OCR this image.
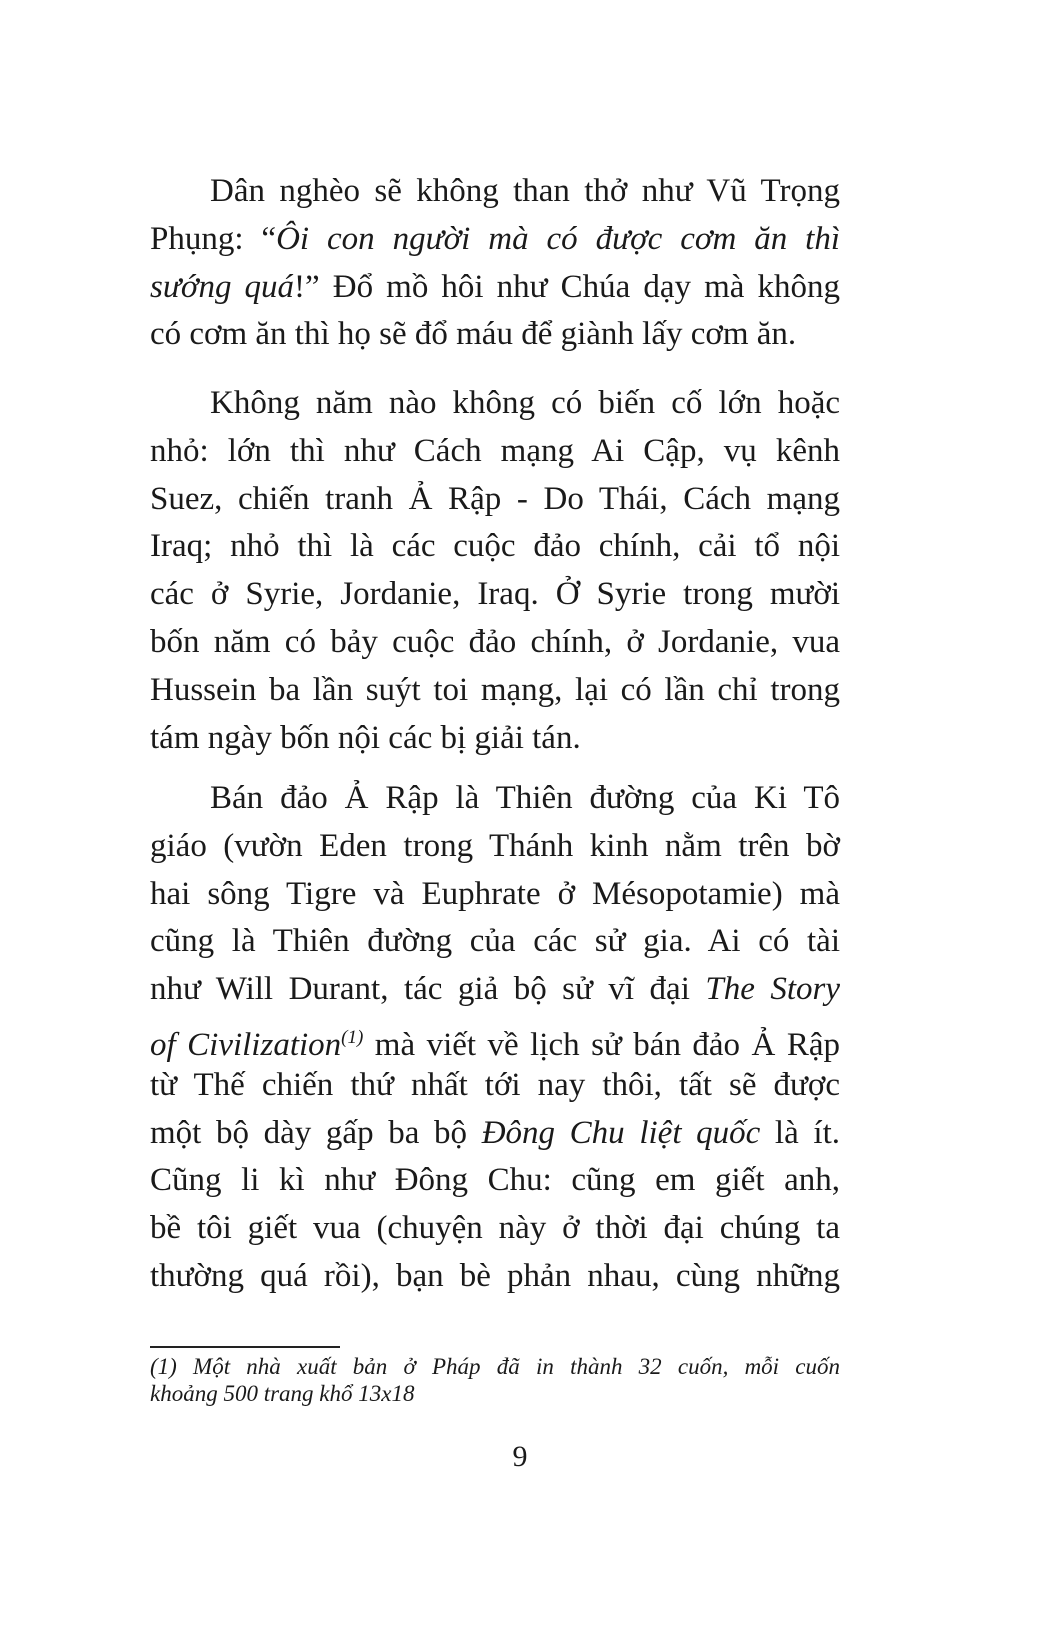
Dân nghèo sẽ không than thở như Vũ Trọng
Phụng: “Ôi con người mà có được cơm ăn thì
sướng quá!” Đổ mồ hôi như Chúa dạy mà không
có cơm ăn thì họ sẽ đổ máu để giành lấy cơm ăn.
Không năm nào không có biến cố lớn hoặc
nhỏ: lớn thì như Cách mạng Ai Cập, vụ kênh
Suez, chiến tranh Ả Rập - Do Thái, Cách mạng
Iraq; nhỏ thì là các cuộc đảo chính, cải tổ nội
các ở Syrie, Jordanie, Iraq. Ở Syrie trong mười
bốn năm có bảy cuộc đảo chính, ở Jordanie, vua
Hussein ba lần suýt toi mạng, lại có lần chỉ trong
tám ngày bốn nội các bị giải tán.
Bán đảo Ả Rập là Thiên đường của Ki Tô
giáo (vườn Eden trong Thánh kinh nằm trên bờ
hai sông Tigre và Euphrate ở Mésopotamie) mà
cũng là Thiên đường của các sử gia. Ai có tài
như Will Durant, tác giả bộ sử vĩ đại The Story
of Civilization$^{(1)}$ mà viết về lịch sử bán đảo Ả Rập
từ Thế chiến thứ nhất tới nay thôi, tất sẽ được
một bộ dày gấp ba bộ Đông Chu liệt quốc là ít.
Cũng li kì như Đông Chu: cũng em giết anh,
bề tôi giết vua (chuyện này ở thời đại chúng ta
thường quá rồi), bạn bè phản nhau, cùng những
(1) Một nhà xuất bản ở Pháp đã in thành 32 cuốn, mỗi cuốn
khoảng 500 trang khổ 13x18
9
